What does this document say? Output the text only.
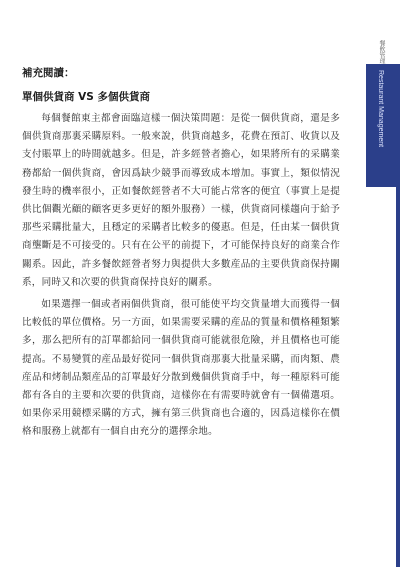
餐飲管理
Restaurant Management
補充閱讀：
單個供貨商 VS 多個供貨商

每個餐館東主都會面臨這樣一個決策問題：是從一個供貨商，還是多個供貨商那裏采購原料。一般來說，供貨商越多，花費在預訂、收貨以及支付賬單上的時間就越多。但是，許多經營者擔心，如果將所有的采購業務都給一個供貨商，會因爲缺少競爭而導致成本增加。事實上，類似情況發生時的機率很小，正如餐飲經營者不大可能占常客的便宜（事實上是提供比個觀光顧的顧客更多更好的額外服務）一樣，供貨商同樣趨向于給予那些采購批量大，且穩定的采購者比較多的優惠。但是，任由某一個供貨商壟斷是不可接受的。只有在公平的前提下，才可能保持良好的商業合作關系。因此，許多餐飲經營者努力與提供大多數産品的主要供貨商保持關系，同時又和次要的供貨商保持良好的關系。

如果選擇一個或者兩個供貨商，很可能使平均交貨量增大而獲得一個比較低的單位價格。另一方面，如果需要采購的産品的質量和價格種類繁多，那么把所有的訂單都給同一個供貨商可能就很危險，并且價格也可能提高。不易變質的産品最好從同一個供貨商那裏大批量采購，而肉類、農産品和烤制品類産品的訂單最好分散到幾個供貨商手中，每一種原料可能都有各自的主要和次要的供貨商，這樣你在有需要時就會有一個備選項。如果你采用競標采購的方式，擁有第三供貨商也合適的，因爲這樣你在價格和服務上就都有一個自由充分的選擇余地。
